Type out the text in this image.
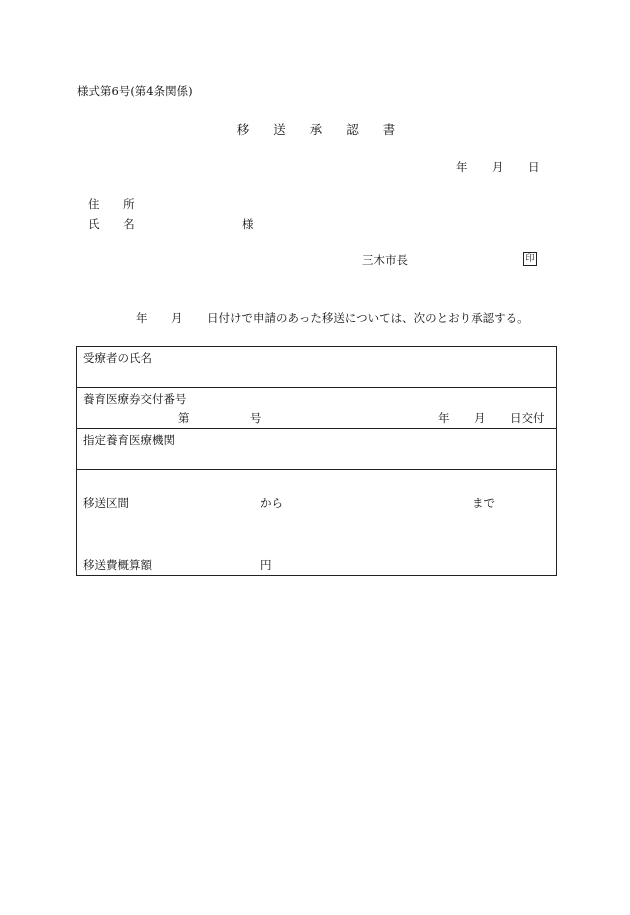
様式第6号(第4条関係)
移 送 承 認 書
年 月 日
住 所
氏 名	様
三木市長	印
年 月 日付けで申請のあった移送については、次のとおり承認する。
受療者の氏名
養育医療券交付番号
第	号	年 月 日交付
指定養育医療機関
移送区間	から	まで
移送費概算額	円
